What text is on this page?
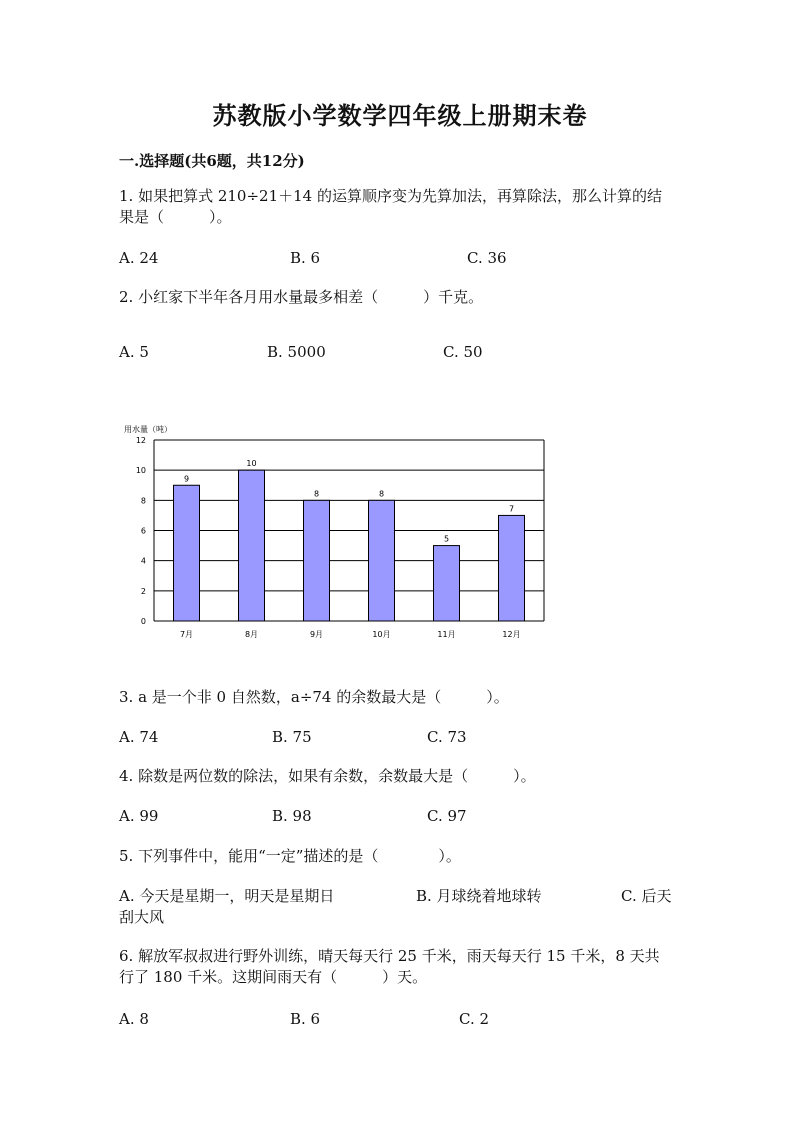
苏教版小学数学四年级上册期末卷
一.选择题(共6题，共12分)
1. 如果把算式 210÷21＋14 的运算顺序变为先算加法，再算除法，那么计算的结果是（　　　）。
A. 24	B. 6	C. 36
2. 小红家下半年各月用水量最多相差（　　　）千克。
A. 5	B. 5000	C. 50
用水量（吨）
0
2
4
6
8
10
12
9
7月
10
8月
8
9月
8
10月
5
11月
7
12月
3. a 是一个非 0 自然数，a÷74 的余数最大是（　　　）。
A. 74	B. 75	C. 73
4. 除数是两位数的除法，如果有余数，余数最大是（　　　）。
A. 99	B. 98	C. 97
5. 下列事件中，能用“一定”描述的是（　　　　）。
A. 今天是星期一，明天是星期日	B. 月球绕着地球转	C. 后天刮大风
6. 解放军叔叔进行野外训练，晴天每天行 25 千米，雨天每天行 15 千米，8 天共行了 180 千米。这期间雨天有（　　　）天。
A. 8	B. 6	C. 2
